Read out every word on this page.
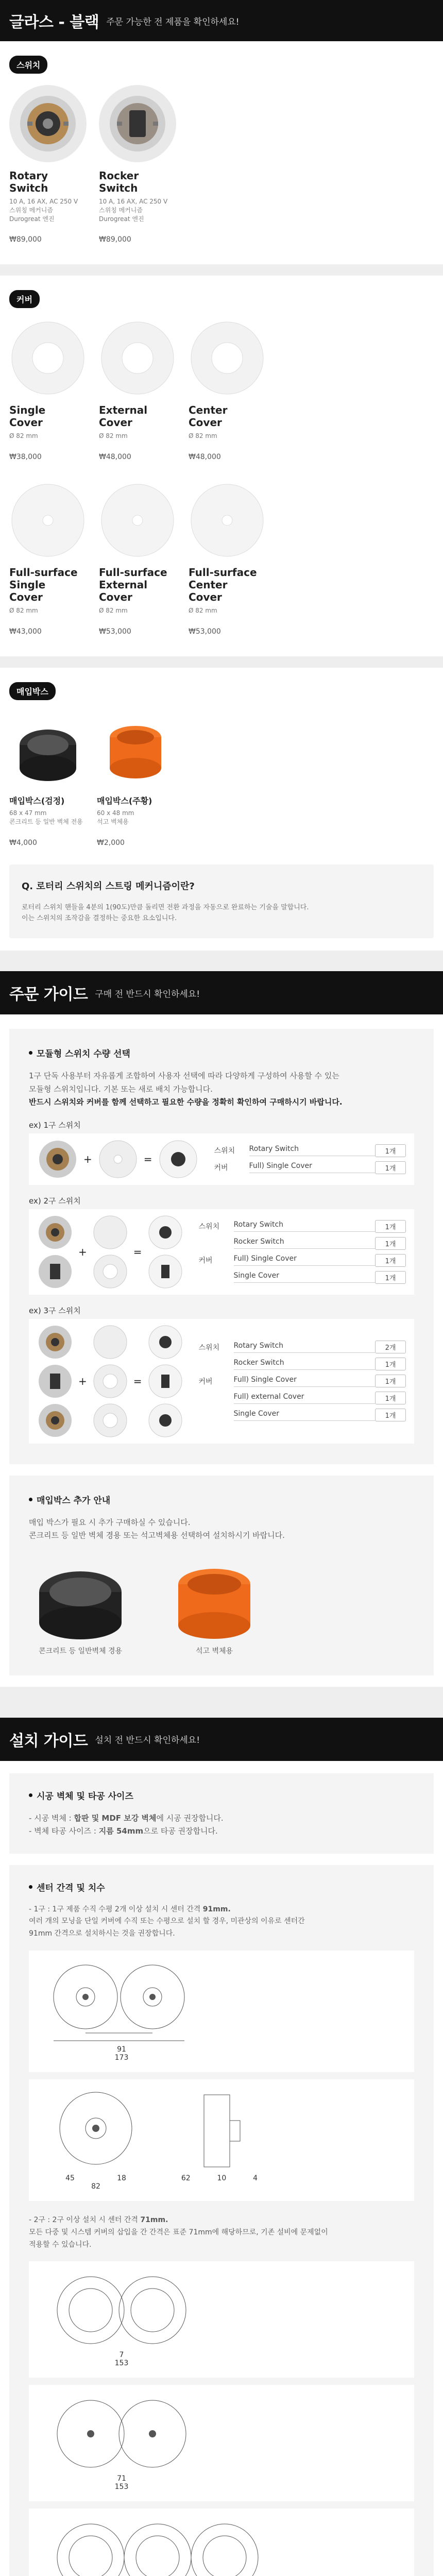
글라스 - 블랙 주문 가능한 전 제품을 확인하세요!
스위치
Rotary
Switch
10 A, 16 AX, AC 250 V
스위칭 메커니즘
Durogreat 엔진
₩89,000
Rocker
Switch
10 A, 16 AX, AC 250 V
스위칭 메커니즘
Durogreat 엔진
₩89,000
커버
Single
Cover
Ø 82 mm
₩38,000
External
Cover
Ø 82 mm
₩48,000
Center
Cover
Ø 82 mm
₩48,000
Full-surface
Single
Cover
Ø 82 mm
₩43,000
Full-surface
External
Cover
Ø 82 mm
₩53,000
Full-surface
Center
Cover
Ø 82 mm
₩53,000
매입박스
매입박스(검정)
68 x 47 mm
콘크리트 등 일반 벽체 전용
₩4,000
매입박스(주황)
60 x 48 mm
석고 벽체용
₩2,000
Q. 로터리 스위치의 스트링 메커니즘이란?
로터리 스위치 핸들을 4분의 1(90도)만큼 돌리면 전환 과정을 자동으로 완료하는 기술을 말합니다.
이는 스위치의 조작감을 결정하는 중요한 요소입니다.
주문 가이드 구매 전 반드시 확인하세요!
모듈형 스위치 수량 선택
1구 단독 사용부터 자유롭게 조합하여 사용자 선택에 따라 다양하게 구성하여 사용할 수 있는
모듈형 스위치입니다. 기본 또는 새로 배치 가능합니다.
반드시 스위치와 커버를 함께 선택하고 필요한 수량을 정확히 확인하여 구매하시기 바랍니다.
ex) 1구 스위치
+	=
스위치	Rotary Switch	1개
커버	Full) Single Cover	1개
ex) 2구 스위치
+	=
스위치	Rotary Switch	1개
Rocker Switch	1개
커버	Full) Single Cover	1개
Single Cover	1개
ex) 3구 스위치
+	=
스위치	Rotary Switch	2개
Rocker Switch	1개
커버	Full) Single Cover	1개
Full) external Cover	1개
Single Cover	1개
매입박스 추가 안내
매입 박스가 필요 시 추가 구매하실 수 있습니다.
콘크리트 등 일반 벽체 경용 또는 석고벽체용 선택하여 설치하시기 바랍니다.
콘크리트 등 일반벽체 경용	석고 벽체용
설치 가이드 설치 전 반드시 확인하세요!
시공 벽체 및 타공 사이즈
- 시공 벽체 : 합판 및 MDF 보강 벽체에 시공 권장합니다.
- 벽체 타공 사이즈 : 지름 54mm으로 타공 권장합니다.
센터 간격 및 치수
- 1구 : 1구 제품 수직 수평 2개 이상 설치 시 센터 간격 91mm.
여러 개의 모닝을 단일 커버에 수직 또는 수평으로 설치 할 경우, 미관상의 이유로 센터간
91mm 간격으로 설치하시는 것을 권장합니다.
91
173
45	18
82
62	10	4
- 2구 : 2구 이상 설치 시 센터 간격 71mm.
모든 다중 및 시스템 커버의 삽입을 간 간격은 표준 71mm에 해당하므로, 기존 설비에 문제없이
적용할 수 있습니다.
7
153
71
153
